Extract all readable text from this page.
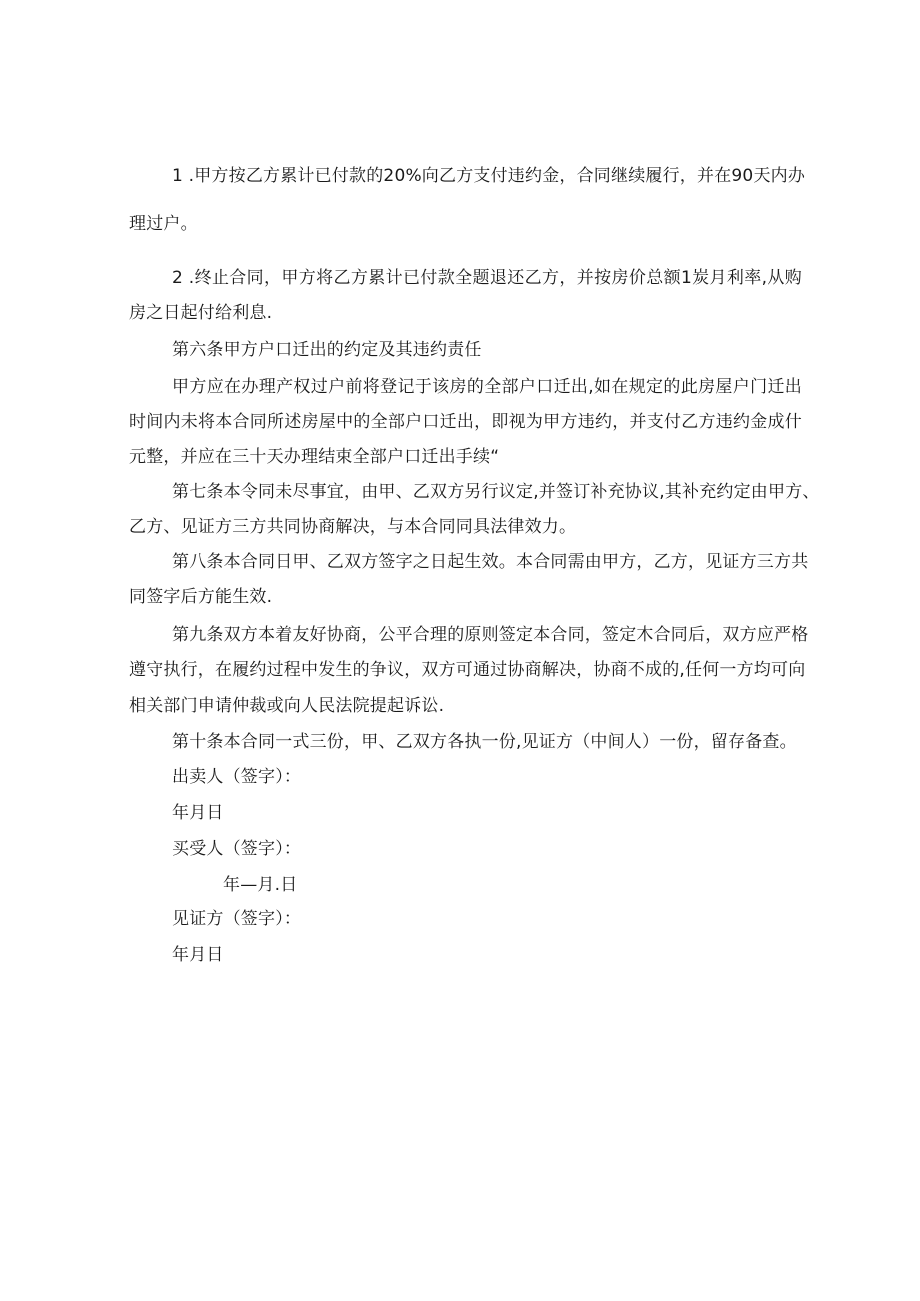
1 .甲方按乙方累计已付款的20%向乙方支付违约金，合同继续履行，并在90天内办
理过户。
2 .终止合同，甲方将乙方累计已付款全题退还乙方，并按房价总额1炭月利率,从购
房之日起付给利息.
第六条甲方户口迁出的约定及其违约责任
甲方应在办理产权过户前将登记于该房的全部户口迁出,如在规定的此房屋户门迁出
时间内未将本合同所述房屋中的全部户口迁出，即视为甲方违约，并支付乙方违约金成什
元整，并应在三十天办理结束全部户口迁出手续“
第七条本令同未尽事宜，由甲、乙双方另行议定,并签订补充协议,其补充约定由甲方、
乙方、见证方三方共同协商解决，与本合同同具法律效力。
第八条本合同日甲、乙双方签字之日起生效。本合同需由甲方，乙方，见证方三方共
同签字后方能生效.
第九条双方本着友好协商，公平合理的原则签定本合同，签定木合同后，双方应严格
遵守执行，在履约过程中发生的争议，双方可通过协商解决，协商不成的,任何一方均可向
相关部门申请仲裁或向人民法院提起诉讼.
第十条本合同一式三份，甲、乙双方各执一份,见证方（中间人）一份，留存备查。
出卖人（签字）：
年月日
买受人（签字）：
年—月.日
见证方（签字）：
年月日
